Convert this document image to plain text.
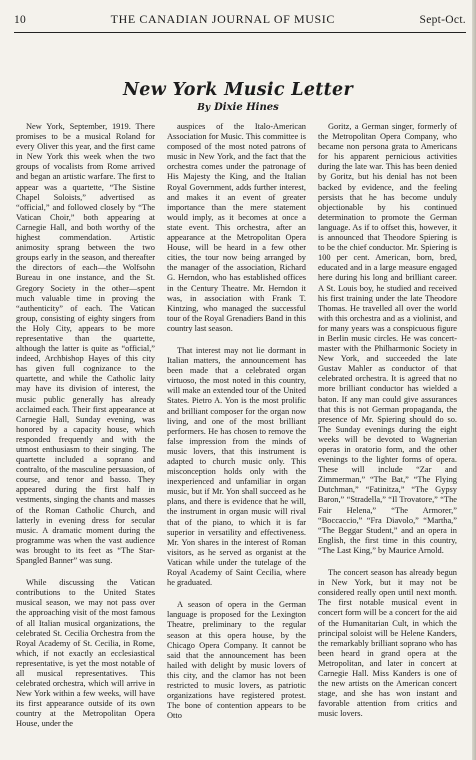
10	THE CANADIAN JOURNAL OF MUSIC	Sept-Oct.
New York Music Letter
By Dixie Hines

New York, September, 1919. There promises to be a musical Roland for every Oliver this year, and the first came in New York this week when the two groups of vocalists from Rome arrived and began an artistic warfare. The first to appear was a quartette, “The Sistine Chapel Soloists,” advertised as “official,” and followed closely by “The Vatican Choir,” both appearing at Carnegie Hall, and both worthy of the highest commendation. Artistic animosity sprang between the two groups early in the season, and thereafter the directors of each—the Wolfsohn Bureau in one instance, and the St. Gregory Society in the other—spent much valuable time in proving the “authenticity” of each. The Vatican group, consisting of eighty singers from the Holy City, appears to be more representative than the quartette, although the latter is quite as “official,” indeed, Archbishop Hayes of this city has given full cognizance to the quartette, and while the Catholic laity may have its division of interest, the music public generally has already acclaimed each. Their first appearance at Carnegie Hall, Sunday evening, was honored by a capacity house, which responded frequently and with the utmost enthusiasm to their singing. The quartette included a soprano and contralto, of the masculine persuasion, of course, and tenor and basso. They appeared during the first half in vestments, singing the chants and masses of the Roman Catholic Church, and latterly in evening dress for secular music. A dramatic moment during the programme was when the vast audience was brought to its feet as “The Star-Spangled Banner” was sung.

While discussing the Vatican contributions to the United States musical season, we may not pass over the approaching visit of the most famous of all Italian musical organizations, the celebrated St. Cecilia Orchestra from the Royal Academy of St. Cecilia, in Rome, which, if not exactly an ecclesiastical representative, is yet the most notable of all musical representatives. This celebrated orchestra, which will arrive in New York within a few weeks, will have its first appearance outside of its own country at the Metropolitan Opera House, under the

auspices of the Italo-American Association for Music. This committee is composed of the most noted patrons of music in New York, and the fact that the orchestra comes under the patronage of His Majesty the King, and the Italian Royal Government, adds further interest, and makes it an event of greater importance than the mere statement would imply, as it becomes at once a state event. This orchestra, after an appearance at the Metropolitan Opera House, will be heard in a few other cities, the tour now being arranged by the manager of the association, Richard G. Herndon, who has established offices in the Century Theatre. Mr. Herndon it was, in association with Frank T. Kintzing, who managed the successful tour of the Royal Grenadiers Band in this country last season.

That interest may not lie dormant in Italian matters, the announcement has been made that a celebrated organ virtuoso, the most noted in this country, will make an extended tour of the United States. Pietro A. Yon is the most prolific and brilliant composer for the organ now living, and one of the most brilliant performers. He has chosen to remove the false impression from the minds of music lovers, that this instrument is adapted to church music only. This misconception holds only with the inexperienced and unfamiliar in organ music, but if Mr. Yon shall succeed as he plans, and there is evidence that he will, the instrument in organ music will rival that of the piano, to which it is far superior in versatility and effectiveness. Mr. Yon shares in the interest of Roman visitors, as he served as organist at the Vatican while under the tutelage of the Royal Academy of Saint Cecilia, where he graduated.

A season of opera in the German language is proposed for the Lexington Theatre, preliminary to the regular season at this opera house, by the Chicago Opera Company. It cannot be said that the announcement has been hailed with delight by music lovers of this city, and the clamor has not been restricted to music lovers, as patriotic organizations have registered protest. The bone of contention appears to be Otto

Goritz, a German singer, formerly of the Metropolitan Opera Company, who became non persona grata to Americans for his apparent pernicious activities during the late war. This has been denied by Goritz, but his denial has not been backed by evidence, and the feeling persists that he has become unduly objectionable by his continued determination to promote the German language. As if to offset this, however, it is announced that Theodore Spiering is to be the chief conductor. Mr. Spiering is 100 per cent. American, born, bred, educated and in a large measure engaged here during his long and brilliant career. A St. Louis boy, he studied and received his first training under the late Theodore Thomas. He travelled all over the world with this orchestra and as a violinist, and for many years was a conspicuous figure in Berlin music circles. He was concert-master with the Philharmonic Society in New York, and succeeded the late Gustav Mahler as conductor of that celebrated orchestra. It is agreed that no more brilliant conductor has wielded a baton. If any man could give assurances that this is not German propaganda, the presence of Mr. Spiering should do so. The Sunday evenings during the eight weeks will be devoted to Wagnerian operas in oratorio form, and the other evenings to the lighter forms of opera. These will include “Zar and Zimmerman,” “The Bat,” “The Flying Dutchman,” “Fatinitza,” “The Gypsy Baron,” “Stradella,” “Il Trovatore,” “The Fair Helena,” “The Armorer,” “Boccaccio,” “Fra Diavolo,” “Martha,” “The Beggar Student,” and an opera in English, the first time in this country, “The Last King,” by Maurice Arnold.

The concert season has already begun in New York, but it may not be considered really open until next month. The first notable musical event in concert form will be a concert for the aid of the Humanitarian Cult, in which the principal soloist will be Helene Kanders, the remarkably brilliant soprano who has been heard in grand opera at the Metropolitan, and later in concert at Carnegie Hall. Miss Kanders is one of the new artists on the American concert stage, and she has won instant and favorable attention from critics and music lovers.
